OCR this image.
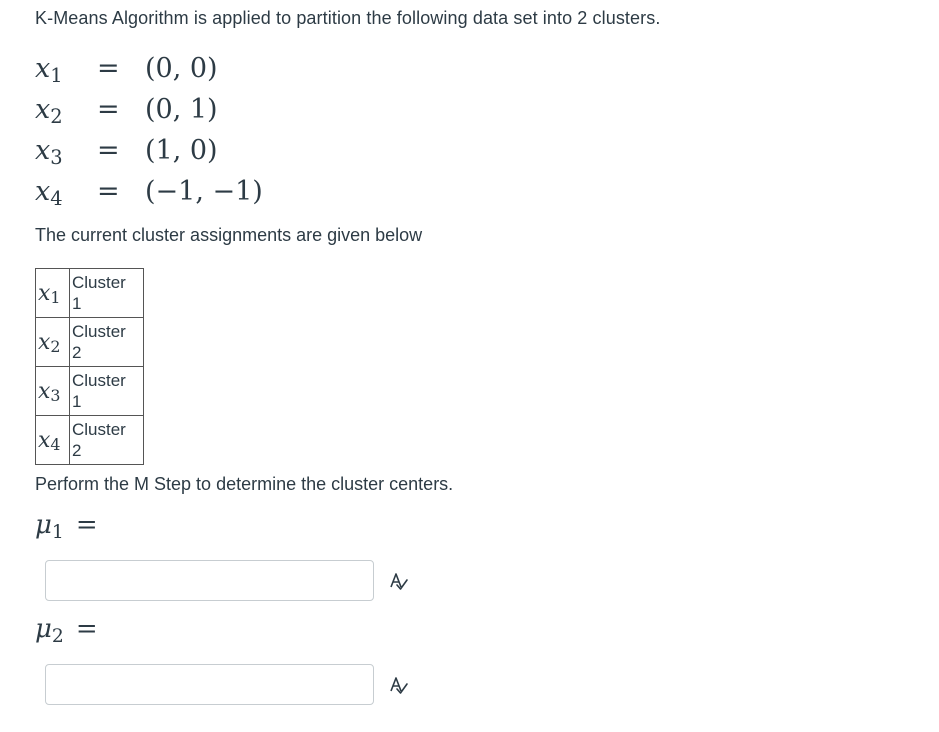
K-Means Algorithm is applied to partition the following data set into 2 clusters.
x1	= (0, 0)
x2	= (0, 1)
x3	= (1, 0)
x4	= (−1, −1)
The current cluster assignments are given below
x1	Cluster
1
x2	Cluster
2
x3	Cluster
1
x4	Cluster
2
Perform the M Step to determine the cluster centers.
μ1 =
μ2 =
